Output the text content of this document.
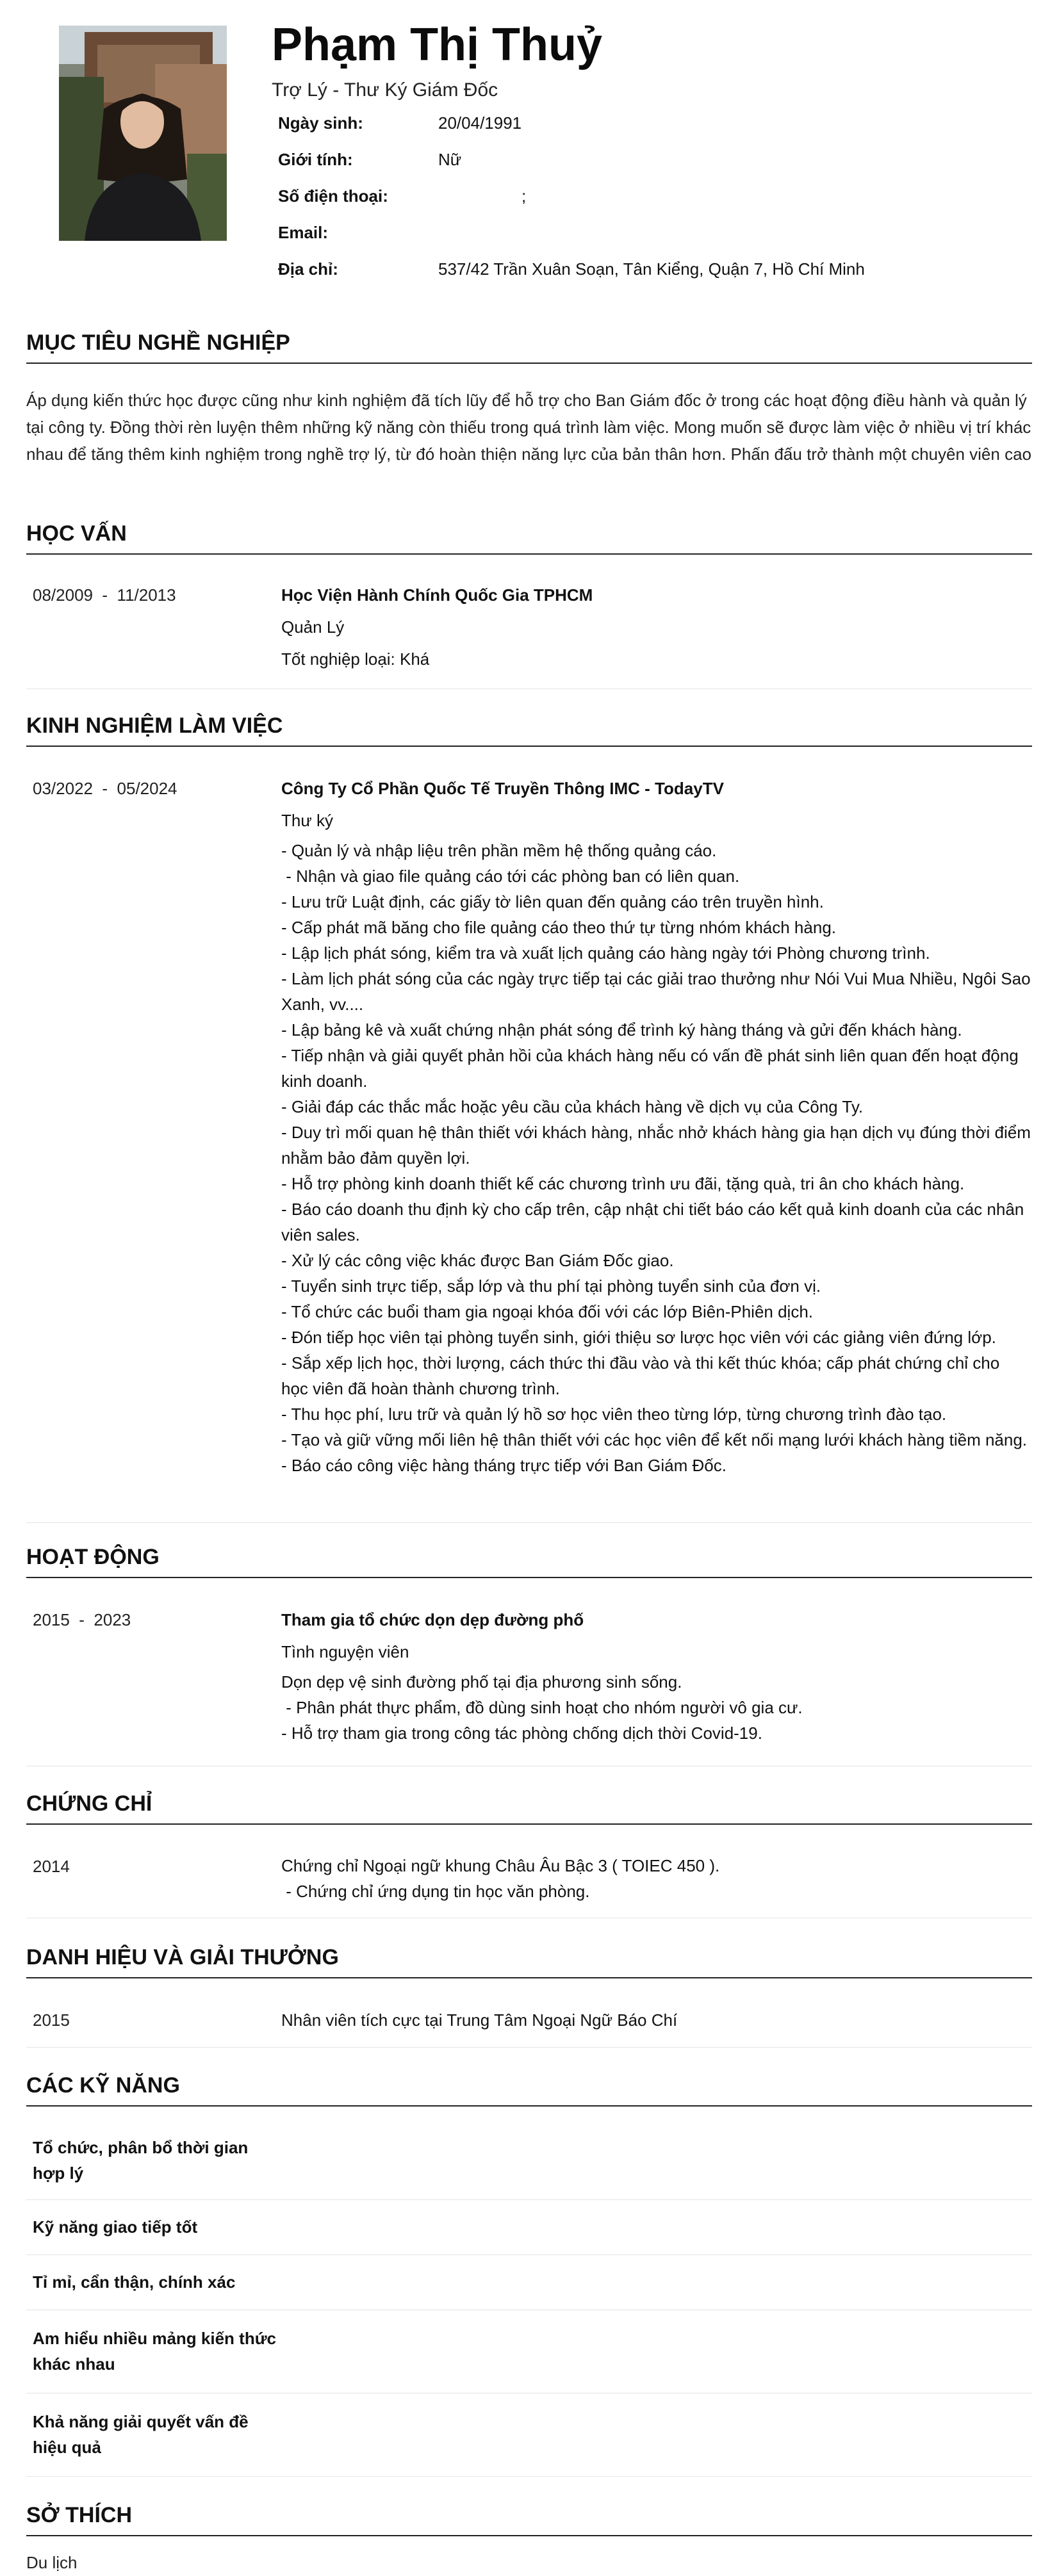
Phạm Thị Thuỷ
Trợ Lý - Thư Ký Giám Đốc
Ngày sinh:	20/04/1991
Giới tính:	Nữ
Số điện thoại:	;
Email:
Địa chỉ:	537/42 Trần Xuân Soạn, Tân Kiểng, Quận 7, Hồ Chí Minh
MỤC TIÊU NGHỀ NGHIỆP
Áp dụng kiến thức học được cũng như kinh nghiệm đã tích lũy để hỗ trợ cho Ban Giám đốc ở trong các hoạt động điều hành và quản lý
tại công ty. Đồng thời rèn luyện thêm những kỹ năng còn thiếu trong quá trình làm việc. Mong muốn sẽ được làm việc ở nhiều vị trí khác
nhau để tăng thêm kinh nghiệm trong nghề trợ lý, từ đó hoàn thiện năng lực của bản thân hơn. Phấn đấu trở thành một chuyên viên cao
HỌC VẤN
08/2009  -  11/2013	Học Viện Hành Chính Quốc Gia TPHCM
Quản Lý
Tốt nghiệp loại: Khá
KINH NGHIỆM LÀM VIỆC
03/2022  -  05/2024	Công Ty Cổ Phần Quốc Tế Truyền Thông IMC - TodayTV
Thư ký
- Quản lý và nhập liệu trên phần mềm hệ thống quảng cáo.
- Nhận và giao file quảng cáo tới các phòng ban có liên quan.
- Lưu trữ Luật định, các giấy tờ liên quan đến quảng cáo trên truyền hình.
- Cấp phát mã băng cho file quảng cáo theo thứ tự từng nhóm khách hàng.
- Lập lịch phát sóng, kiểm tra và xuất lịch quảng cáo hàng ngày tới Phòng chương trình.
- Làm lịch phát sóng của các ngày trực tiếp tại các giải trao thưởng như Nói Vui Mua Nhiều, Ngôi Sao Xanh, vv....
- Lập bảng kê và xuất chứng nhận phát sóng để trình ký hàng tháng và gửi đến khách hàng.
- Tiếp nhận và giải quyết phản hồi của khách hàng nếu có vấn đề phát sinh liên quan đến hoạt động kinh doanh.
- Giải đáp các thắc mắc hoặc yêu cầu của khách hàng về dịch vụ của Công Ty.
- Duy trì mối quan hệ thân thiết với khách hàng, nhắc nhở khách hàng gia hạn dịch vụ đúng thời điểm nhằm bảo đảm quyền lợi.
- Hỗ trợ phòng kinh doanh thiết kế các chương trình ưu đãi, tặng quà, tri ân cho khách hàng.
- Báo cáo doanh thu định kỳ cho cấp trên, cập nhật chi tiết báo cáo kết quả kinh doanh của các nhân viên sales.
- Xử lý các công việc khác được Ban Giám Đốc giao.
- Tuyển sinh trực tiếp, sắp lớp và thu phí tại phòng tuyển sinh của đơn vị.
- Tổ chức các buổi tham gia ngoại khóa đối với các lớp Biên-Phiên dịch.
- Đón tiếp học viên tại phòng tuyển sinh, giới thiệu sơ lược học viên với các giảng viên đứng lớp.
- Sắp xếp lịch học, thời lượng, cách thức thi đầu vào và thi kết thúc khóa; cấp phát chứng chỉ cho học viên đã hoàn thành chương trình.
- Thu học phí, lưu trữ và quản lý hồ sơ học viên theo từng lớp, từng chương trình đào tạo.
- Tạo và giữ vững mối liên hệ thân thiết với các học viên để kết nối mạng lưới khách hàng tiềm năng.
- Báo cáo công việc hàng tháng trực tiếp với Ban Giám Đốc.
HOẠT ĐỘNG
2015  -  2023	Tham gia tổ chức dọn dẹp đường phố
Tình nguyện viên
Dọn dẹp vệ sinh đường phố tại địa phương sinh sống.
- Phân phát thực phẩm, đồ dùng sinh hoạt cho nhóm người vô gia cư.
- Hỗ trợ tham gia trong công tác phòng chống dịch thời Covid-19.
CHỨNG CHỈ
2014	Chứng chỉ Ngoại ngữ khung Châu Âu Bậc 3 ( TOIEC 450 ).
- Chứng chỉ ứng dụng tin học văn phòng.
DANH HIỆU VÀ GIẢI THƯỞNG
2015	Nhân viên tích cực tại Trung Tâm Ngoại Ngữ Báo Chí
CÁC KỸ NĂNG
Tổ chức, phân bổ thời gian hợp lý
Kỹ năng giao tiếp tốt
Tỉ mỉ, cẩn thận, chính xác
Am hiểu nhiều mảng kiến thức khác nhau
Khả năng giải quyết vấn đề hiệu quả
SỞ THÍCH
Du lịch
